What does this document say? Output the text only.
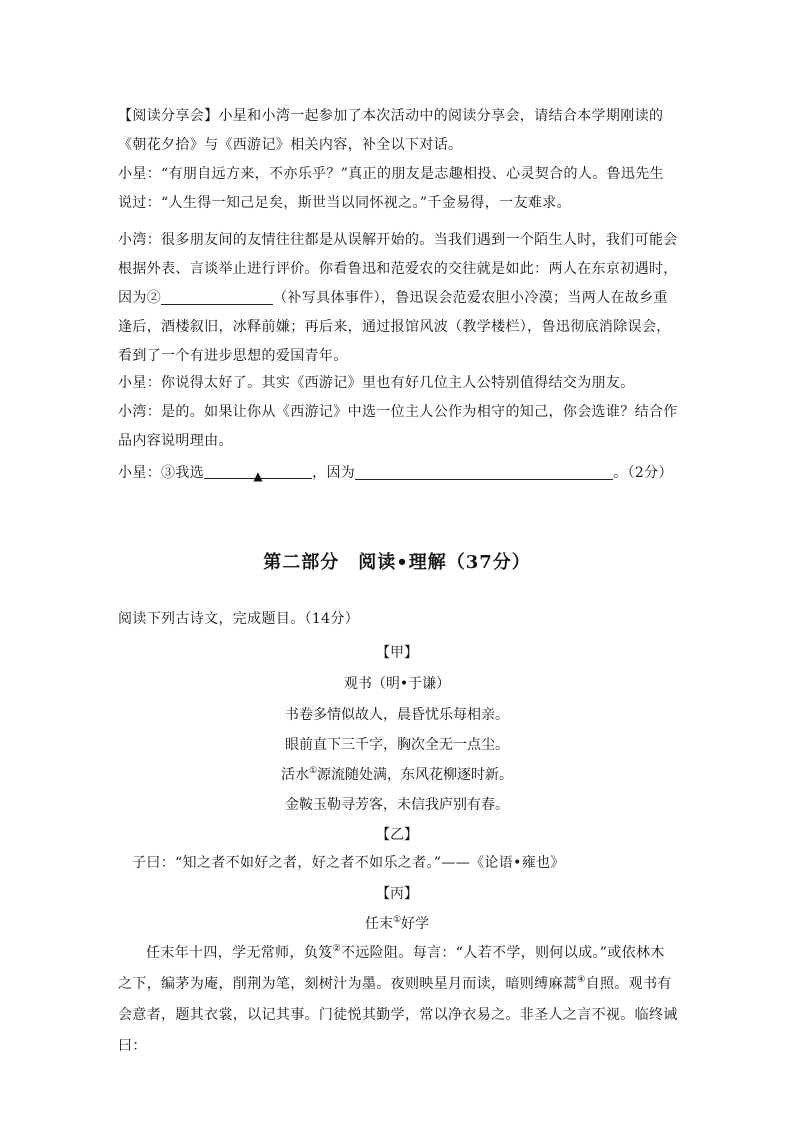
【阅读分享会】小星和小湾一起参加了本次活动中的阅读分享会，请结合本学期刚读的《朝花夕拾》与《西游记》相关内容，补全以下对话。
小星：“有朋自远方来，不亦乐乎？”真正的朋友是志趣相投、心灵契合的人。鲁迅先生说过：“人生得一知己足矣，斯世当以同怀视之。”千金易得，一友难求。
小湾：很多朋友间的友情往往都是从误解开始的。当我们遇到一个陌生人时，我们可能会根据外表、言谈举止进行评价。你看鲁迅和范爱农的交往就是如此：两人在东京初遇时，因为②	（补写具体事件），鲁迅误会范爱农胆小冷漠；当两人在故乡重逢后，酒楼叙旧，冰释前嫌；再后来，通过报馆风波（教学楼栏），鲁迅彻底消除误会，看到了一个有进步思想的爱国青年。
小星：你说得太好了。其实《西游记》里也有好几位主人公特别值得结交为朋友。
小湾：是的。如果让你从《西游记》中选一位主人公作为相守的知己，你会选谁？结合作品内容说明理由。
小星：③我选	▲	，因为	。（2分）
第二部分　阅读•理解（37分）
阅读下列古诗文，完成题目。（14分）
【甲】
观书（明•于谦）
书卷多情似故人，晨昏忧乐每相亲。
眼前直下三千字，胸次全无一点尘。
活水①源流随处满，东风花柳逐时新。
金鞍玉勒寻芳客，未信我庐别有春。
【乙】
子曰：“知之者不如好之者，好之者不如乐之者。”——《论语•雍也》
【丙】
任末①好学
任末年十四，学无常师，负笈②不远险阻。每言：“人若不学，则何以成。”或依林木之下，编茅为庵，削荆为笔，刻树汁为墨。夜则映星月而读，暗则缚麻蒿④自照。观书有会意者，题其衣裳，以记其事。门徒悦其勤学，常以净衣易之。非圣人之言不视。临终诫曰：
